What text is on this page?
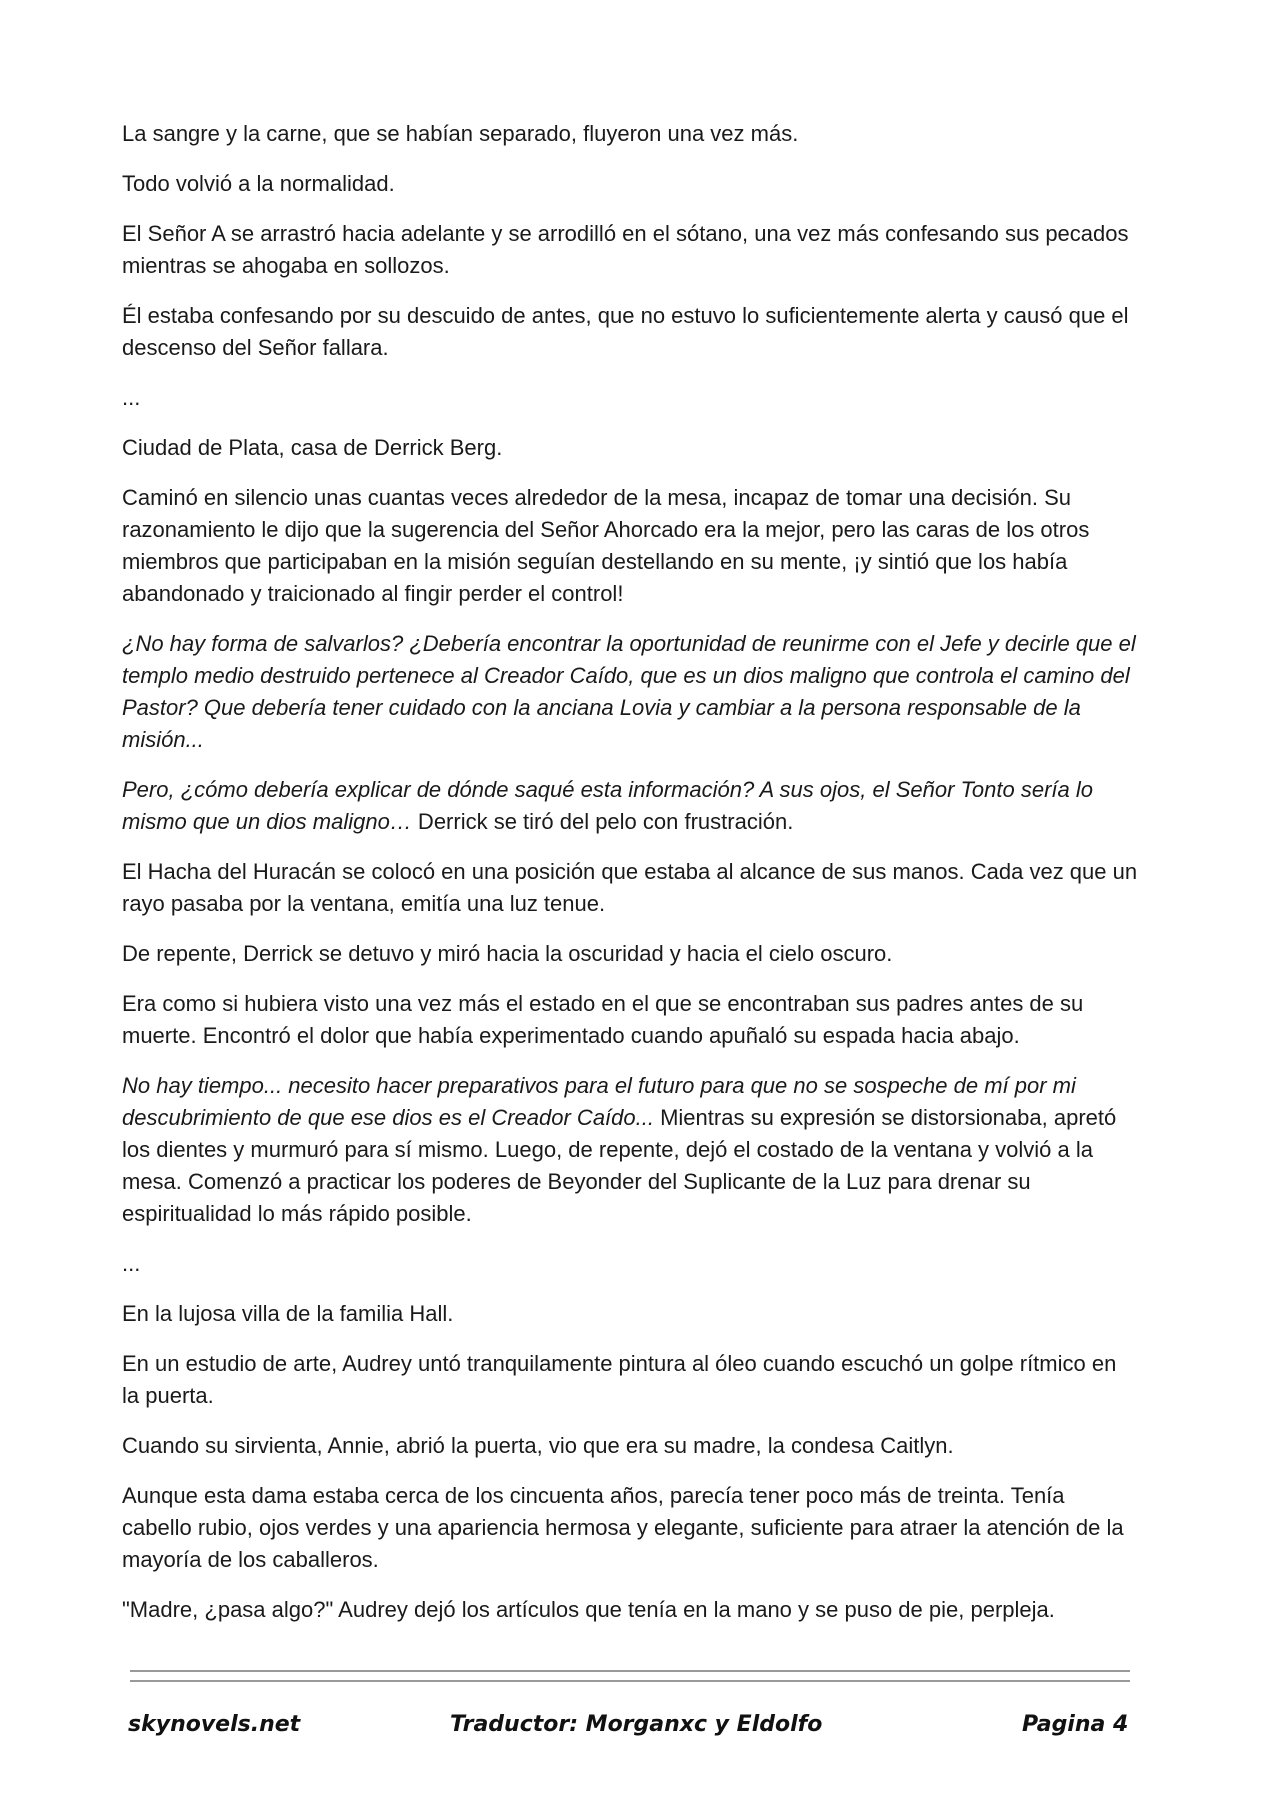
La sangre y la carne, que se habían separado, fluyeron una vez más.

Todo volvió a la normalidad.

El Señor A se arrastró hacia adelante y se arrodilló en el sótano, una vez más confesando sus pecados mientras se ahogaba en sollozos.

Él estaba confesando por su descuido de antes, que no estuvo lo suficientemente alerta y causó que el descenso del Señor fallara.

...

Ciudad de Plata, casa de Derrick Berg.

Caminó en silencio unas cuantas veces alrededor de la mesa, incapaz de tomar una decisión. Su razonamiento le dijo que la sugerencia del Señor Ahorcado era la mejor, pero las caras de los otros miembros que participaban en la misión seguían destellando en su mente, ¡y sintió que los había abandonado y traicionado al fingir perder el control!

¿No hay forma de salvarlos? ¿Debería encontrar la oportunidad de reunirme con el Jefe y decirle que el templo medio destruido pertenece al Creador Caído, que es un dios maligno que controla el camino del Pastor? Que debería tener cuidado con la anciana Lovia y cambiar a la persona responsable de la misión...

Pero, ¿cómo debería explicar de dónde saqué esta información? A sus ojos, el Señor Tonto sería lo mismo que un dios maligno… Derrick se tiró del pelo con frustración.

El Hacha del Huracán se colocó en una posición que estaba al alcance de sus manos. Cada vez que un rayo pasaba por la ventana, emitía una luz tenue.

De repente, Derrick se detuvo y miró hacia la oscuridad y hacia el cielo oscuro.

Era como si hubiera visto una vez más el estado en el que se encontraban sus padres antes de su muerte. Encontró el dolor que había experimentado cuando apuñaló su espada hacia abajo.

No hay tiempo... necesito hacer preparativos para el futuro para que no se sospeche de mí por mi descubrimiento de que ese dios es el Creador Caído... Mientras su expresión se distorsionaba, apretó los dientes y murmuró para sí mismo. Luego, de repente, dejó el costado de la ventana y volvió a la mesa. Comenzó a practicar los poderes de Beyonder del Suplicante de la Luz para drenar su espiritualidad lo más rápido posible.

...

En la lujosa villa de la familia Hall.

En un estudio de arte, Audrey untó tranquilamente pintura al óleo cuando escuchó un golpe rítmico en la puerta.

Cuando su sirvienta, Annie, abrió la puerta, vio que era su madre, la condesa Caitlyn.

Aunque esta dama estaba cerca de los cincuenta años, parecía tener poco más de treinta. Tenía cabello rubio, ojos verdes y una apariencia hermosa y elegante, suficiente para atraer la atención de la mayoría de los caballeros.

"Madre, ¿pasa algo?" Audrey dejó los artículos que tenía en la mano y se puso de pie, perpleja.

skynovels.net	Traductor: Morganxc y Eldolfo	Pagina 4
